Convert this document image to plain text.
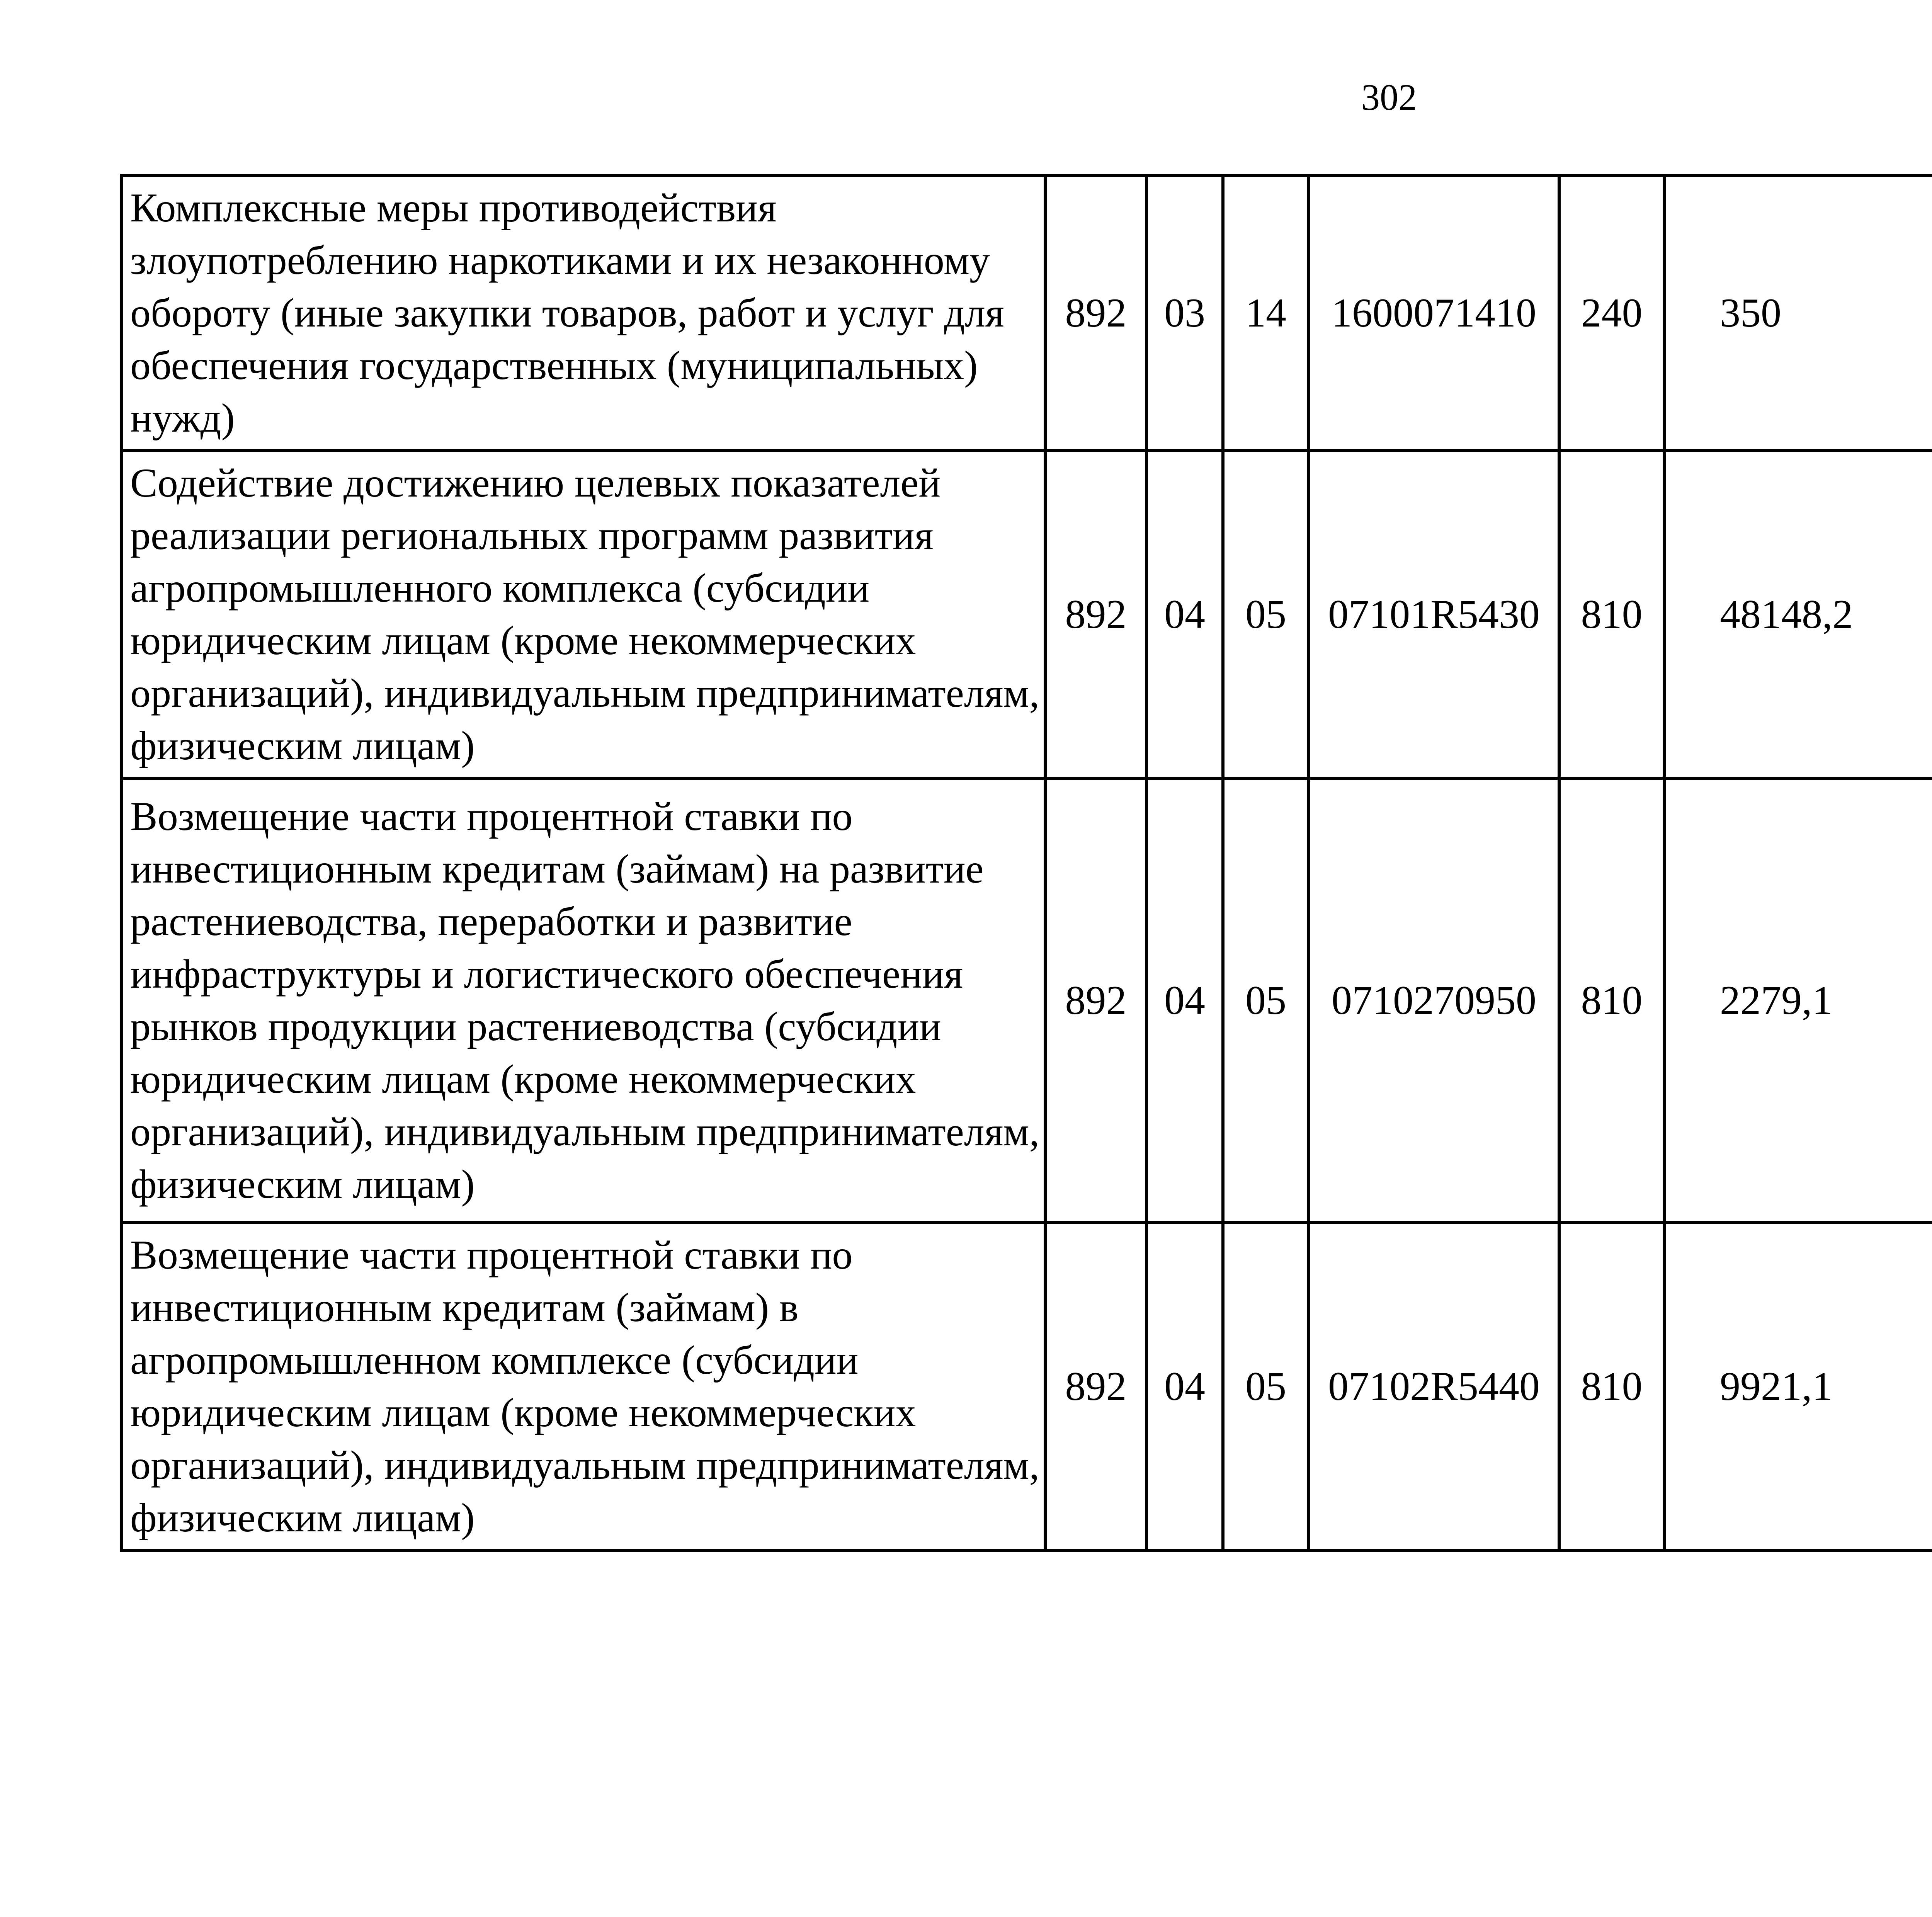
302
Комплексные меры противодействия злоупотреблению наркотиками и их незаконному обороту (иные закупки товаров, работ и услуг для обеспечения государственных (муниципальных) нужд)	892	03	14	1600071410	240	350		
Содействие достижению целевых показателей реализации региональных программ развития агропромышленного комплекса (субсидии юридическим лицам (кроме некоммерческих организаций), индивидуальным предпринимателям, физическим лицам)	892	04	05	07101R5430	810	48148,2		
Возмещение части процентной ставки по инвестиционным кредитам (займам) на развитие растениеводства, переработки и развитие инфраструктуры и логистического обеспечения рынков продукции растениеводства (субсидии юридическим лицам (кроме некоммерческих организаций), индивидуальным предпринимателям, физическим лицам)	892	04	05	0710270950	810	2279,1		
Возмещение части процентной ставки по инвестиционным кредитам (займам) в агропромышленном комплексе (субсидии юридическим лицам (кроме некоммерческих организаций), индивидуальным предпринимателям, физическим лицам)	892	04	05	07102R5440	810	9921,1		
